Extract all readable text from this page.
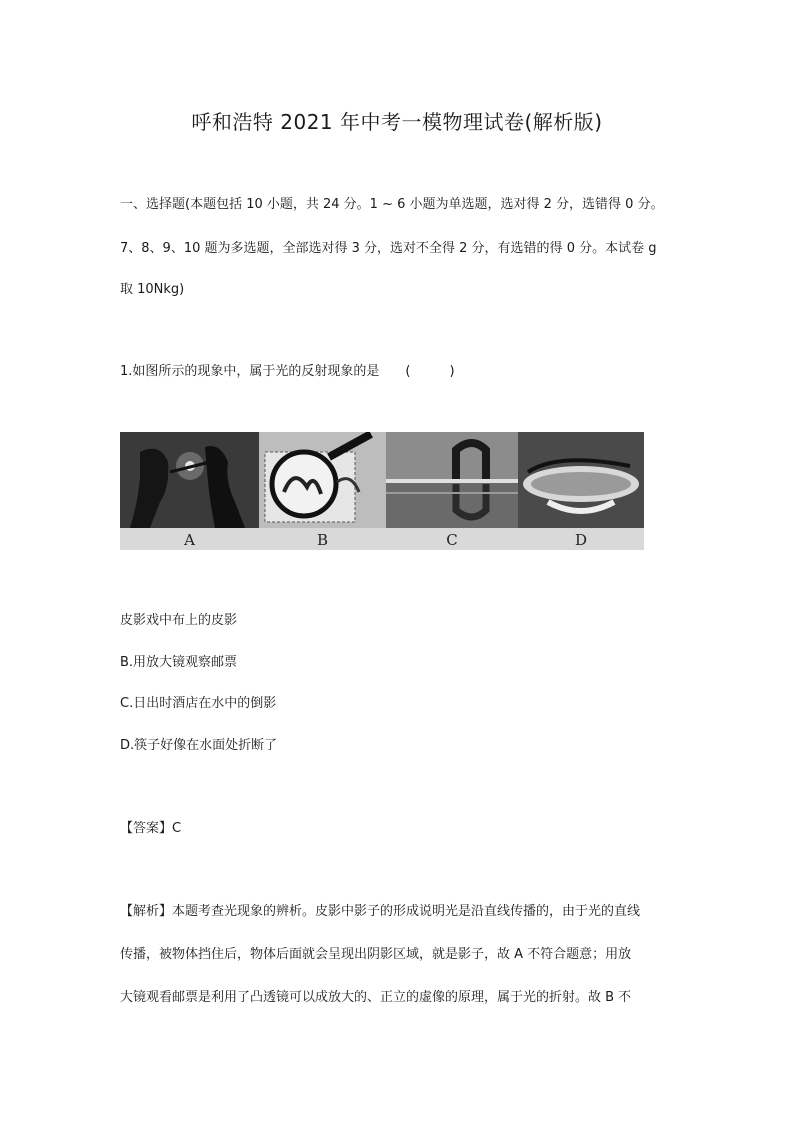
呼和浩特 2021 年中考一模物理试卷(解析版)
一、选择题(本题包括 10 小题，共 24 分。1 ~ 6 小题为单选题，选对得 2 分，选错得 0 分。
7、8、9、10 题为多选题，全部选对得 3 分，选对不全得 2 分，有选错的得 0 分。本试卷 g
取 10Nkg)
1.如图所示的现象中，属于光的反射现象的是　　(　　　)
A	B	C	D
皮影戏中布上的皮影
B.用放大镜观察邮票
C.日出时酒店在水中的倒影
D.筷子好像在水面处折断了
【答案】C
【解析】本题考查光现象的辨析。皮影中影子的形成说明光是沿直线传播的，由于光的直线
传播，被物体挡住后，物体后面就会呈现出阴影区域，就是影子，故 A 不符合题意；用放
大镜观看邮票是利用了凸透镜可以成放大的、正立的虚像的原理，属于光的折射。故 B 不
